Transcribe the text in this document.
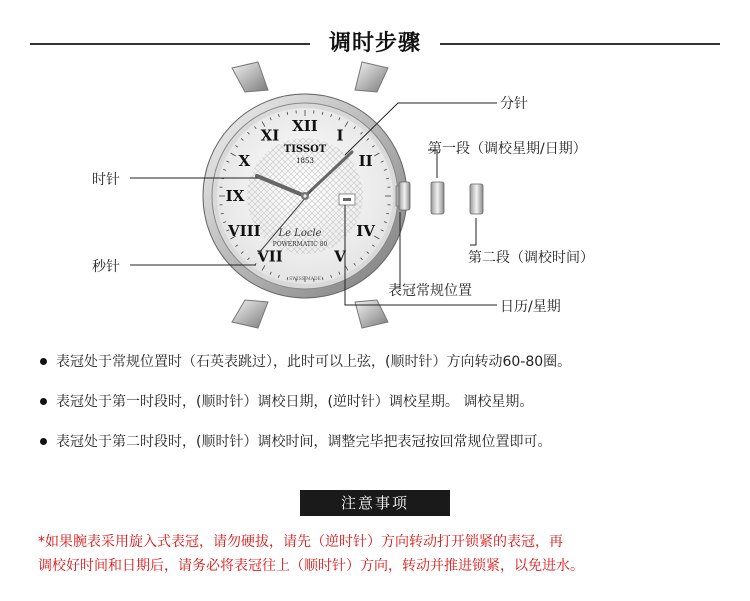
调时步骤
XII
I
II
IV
V
VII
VIII
IX
X
XI
TISSOT
1853
Le Locle
POWERMATIC 80
SWISS MADE
分针
时针
秒针
第一段（调校星期/日期）
第二段（调校时间）
表冠常规位置
日历/星期
表冠处于常规位置时（石英表跳过），此时可以上弦，(顺时针）方向转动60-80圈。
表冠处于第一时段时，(顺时针）调校日期，(逆时针）调校星期。 调校星期。
表冠处于第二时段时，(顺时针）调校时间，调整完毕把表冠按回常规位置即可。
注意事项
*如果腕表采用旋入式表冠，请勿硬拔，请先（逆时针）方向转动打开锁紧的表冠，再
调校好时间和日期后，请务必将表冠往上（顺时针）方向，转动并推进锁紧，以免进水。
